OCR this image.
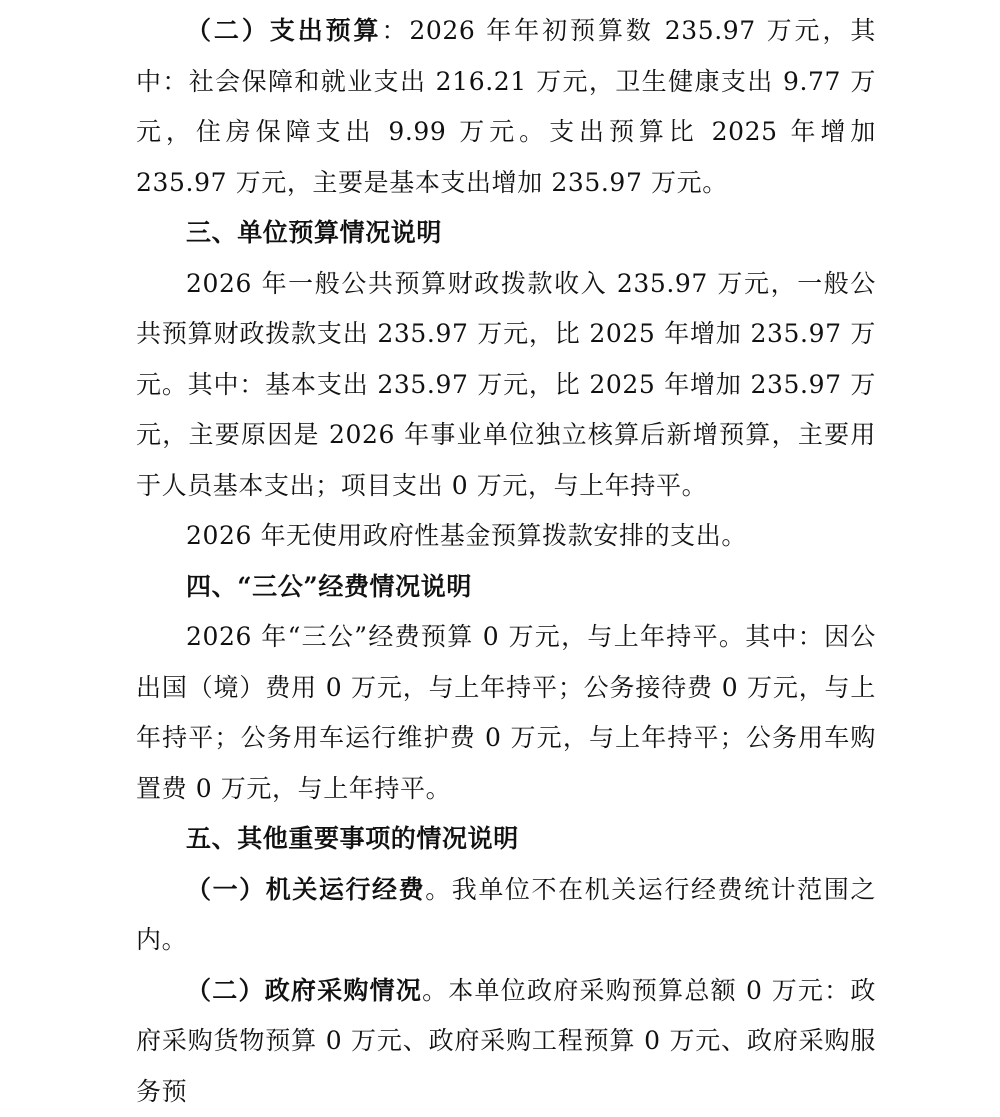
（二）支出预算：2026 年年初预算数 235.97 万元，其中：社会保障和就业支出 216.21 万元，卫生健康支出 9.77 万元，住房保障支出 9.99 万元。支出预算比 2025 年增加 235.97 万元，主要是基本支出增加 235.97 万元。

三、单位预算情况说明

2026 年一般公共预算财政拨款收入 235.97 万元，一般公共预算财政拨款支出 235.97 万元，比 2025 年增加 235.97 万元。其中：基本支出 235.97 万元，比 2025 年增加 235.97 万元，主要原因是 2026 年事业单位独立核算后新增预算，主要用于人员基本支出；项目支出 0 万元，与上年持平。

2026 年无使用政府性基金预算拨款安排的支出。

四、“三公”经费情况说明

2026 年“三公”经费预算 0 万元，与上年持平。其中：因公出国（境）费用 0 万元，与上年持平；公务接待费 0 万元，与上年持平；公务用车运行维护费 0 万元，与上年持平；公务用车购置费 0 万元，与上年持平。

五、其他重要事项的情况说明

（一）机关运行经费。我单位不在机关运行经费统计范围之内。

（二）政府采购情况。本单位政府采购预算总额 0 万元：政府采购货物预算 0 万元、政府采购工程预算 0 万元、政府采购服务预
